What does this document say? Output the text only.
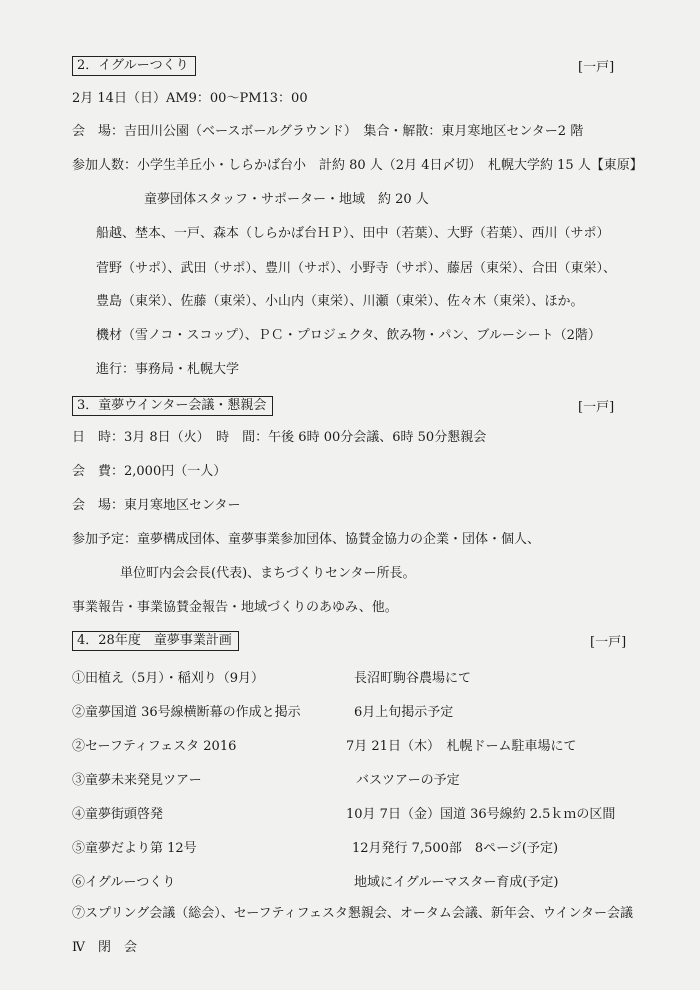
2．イグルーつくり	[一戸]
2月 14日（日）AM9：00〜PM13：00
会　場：吉田川公園（ベースボールグラウンド）　集合・解散：東月寒地区センター2 階
参加人数：小学生羊丘小・しらかば台小　計約 80 人（2月 4日〆切）　札幌大学約 15 人【東原】
童夢団体スタッフ・サポーター・地域　約 20 人
船越、埜本、一戸、森本（しらかば台ＨＰ）、田中（若葉）、大野（若葉）、西川（サポ）
菅野（サポ）、武田（サポ）、豊川（サポ）、小野寺（サポ）、藤居（東栄）、合田（東栄）、
豊島（東栄）、佐藤（東栄）、小山内（東栄）、川瀬（東栄）、佐々木（東栄）、ほか。
機材（雪ノコ・スコップ）、ＰＣ・プロジェクタ、飲み物・パン、ブルーシート（2階）
進行：事務局・札幌大学
3．童夢ウインター会議・懇親会	[一戸]
日　時：3月 8日（火）　時　間：午後 6時 00分会議、6時 50分懇親会
会　費：2,000円（一人）
会　場：東月寒地区センター
参加予定：童夢構成団体、童夢事業参加団体、協賛金協力の企業・団体・個人、
単位町内会会長(代表)、まちづくりセンター所長。
事業報告・事業協賛金報告・地域づくりのあゆみ、他。
4．28年度　童夢事業計画	[一戸]
①田植え（5月）・稲刈り（9月）	長沼町駒谷農場にて
②童夢国道 36号線横断幕の作成と掲示	6月上旬掲示予定
②セーフティフェスタ 2016	7月 21日（木）　札幌ドーム駐車場にて
③童夢未来発見ツアー	バスツアーの予定
④童夢街頭啓発	10月 7日（金）国道 36号線約 2.5ｋｍの区間
⑤童夢だより第 12号	12月発行 7,500部　8ページ(予定)
⑥イグルーつくり	地域にイグルーマスター育成(予定)
⑦スプリング会議（総会）、セーフティフェスタ懇親会、オータム会議、新年会、ウインター会議
Ⅳ　閉　会
